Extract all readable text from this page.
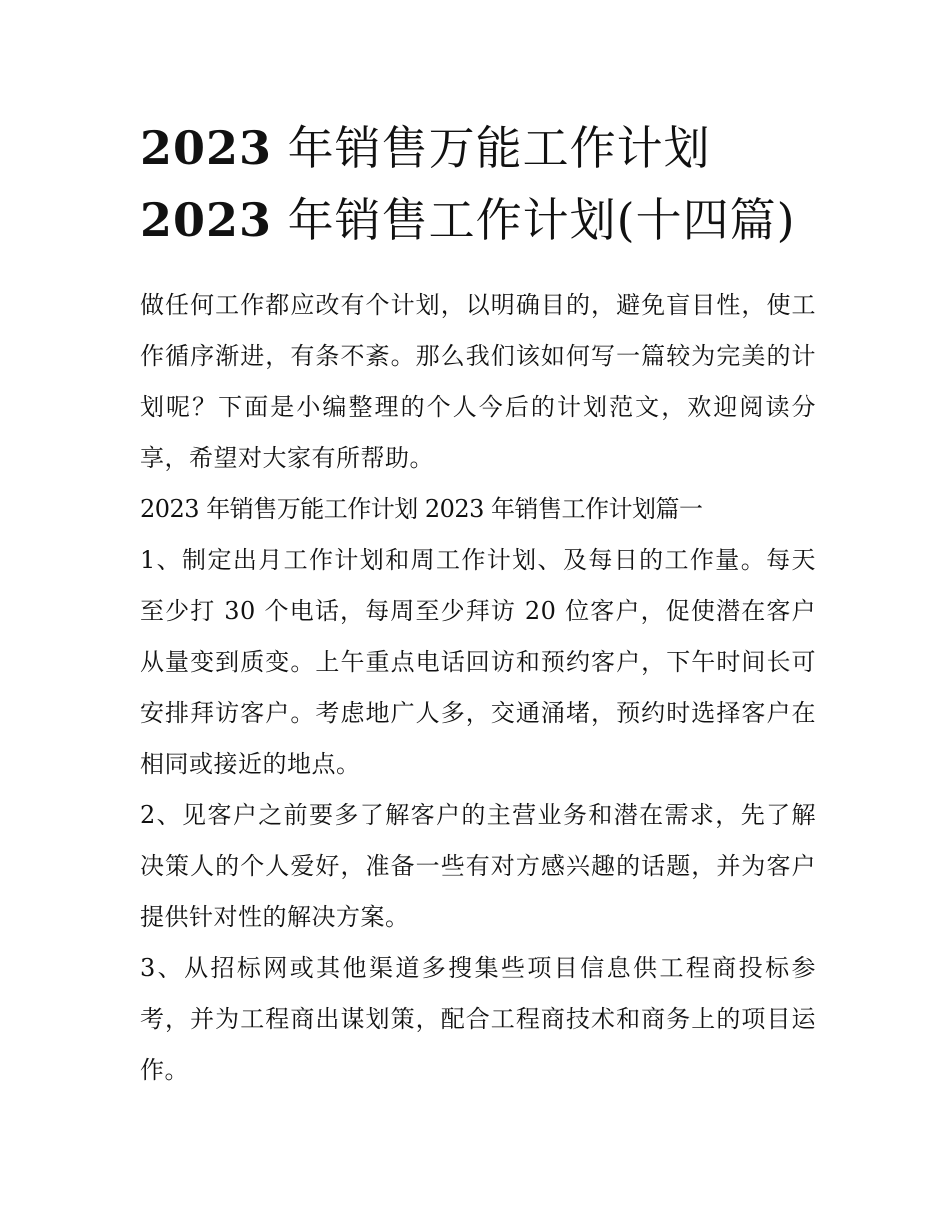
2023 年销售万能工作计划
2023 年销售工作计划(十四篇)

做任何工作都应改有个计划，以明确目的，避免盲目性，使工作循序渐进，有条不紊。那么我们该如何写一篇较为完美的计划呢？下面是小编整理的个人今后的计划范文，欢迎阅读分享，希望对大家有所帮助。

2023 年销售万能工作计划 2023 年销售工作计划篇一

1、制定出月工作计划和周工作计划、及每日的工作量。每天至少打 30 个电话，每周至少拜访 20 位客户，促使潜在客户从量变到质变。上午重点电话回访和预约客户，下午时间长可安排拜访客户。考虑地广人多，交通涌堵，预约时选择客户在相同或接近的地点。

2、见客户之前要多了解客户的主营业务和潜在需求，先了解决策人的个人爱好，准备一些有对方感兴趣的话题，并为客户提供针对性的解决方案。

3、从招标网或其他渠道多搜集些项目信息供工程商投标参考，并为工程商出谋划策，配合工程商技术和商务上的项目运作。
